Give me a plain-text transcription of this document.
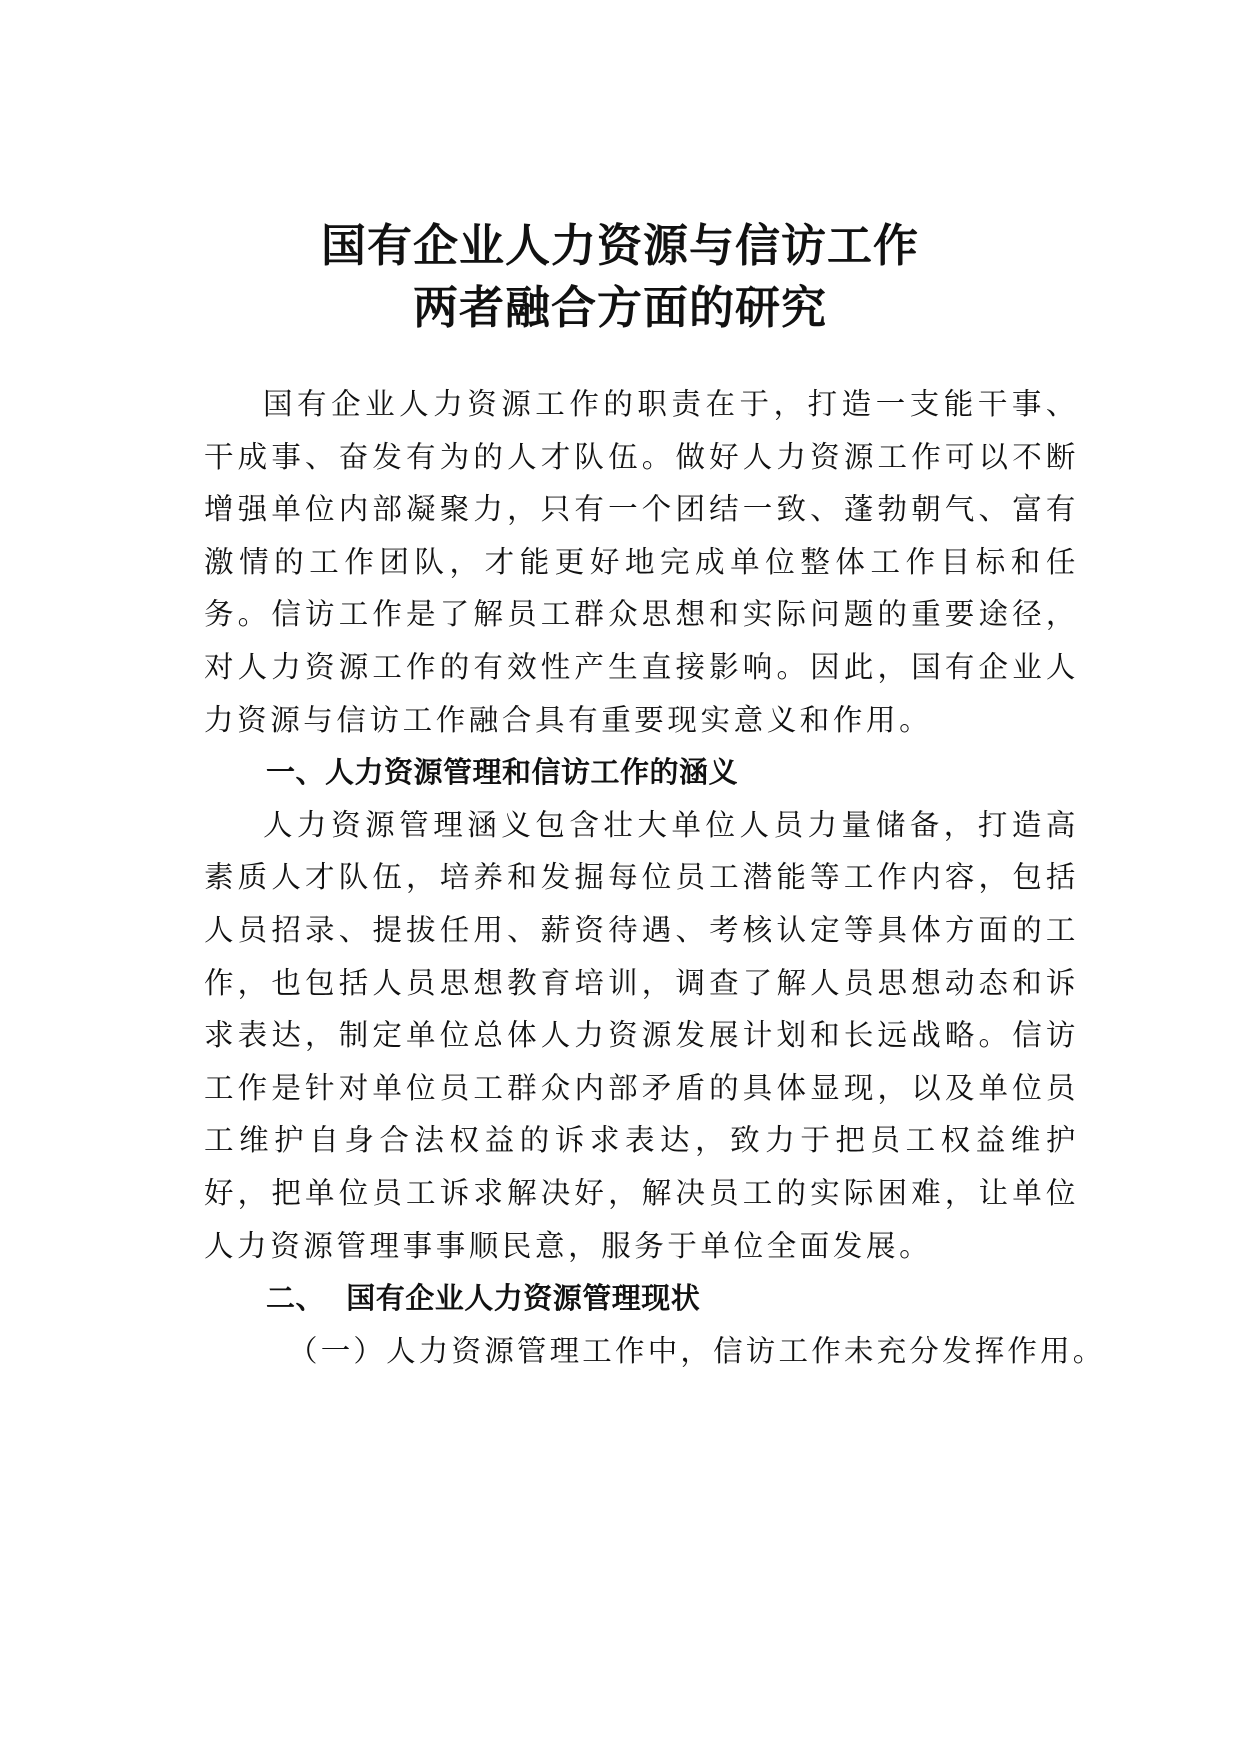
国有企业人力资源与信访工作
两者融合方面的研究

国有企业人力资源工作的职责在于，打造一支能干事、干成事、奋发有为的人才队伍。做好人力资源工作可以不断增强单位内部凝聚力，只有一个团结一致、蓬勃朝气、富有激情的工作团队，才能更好地完成单位整体工作目标和任务。信访工作是了解员工群众思想和实际问题的重要途径，对人力资源工作的有效性产生直接影响。因此，国有企业人力资源与信访工作融合具有重要现实意义和作用。

一、人力资源管理和信访工作的涵义

人力资源管理涵义包含壮大单位人员力量储备，打造高素质人才队伍，培养和发掘每位员工潜能等工作内容，包括人员招录、提拔任用、薪资待遇、考核认定等具体方面的工作，也包括人员思想教育培训，调查了解人员思想动态和诉求表达，制定单位总体人力资源发展计划和长远战略。信访工作是针对单位员工群众内部矛盾的具体显现，以及单位员工维护自身合法权益的诉求表达，致力于把员工权益维护好，把单位员工诉求解决好，解决员工的实际困难，让单位人力资源管理事事顺民意，服务于单位全面发展。

二、  国有企业人力资源管理现状

（一）人力资源管理工作中，信访工作未充分发挥作用。
